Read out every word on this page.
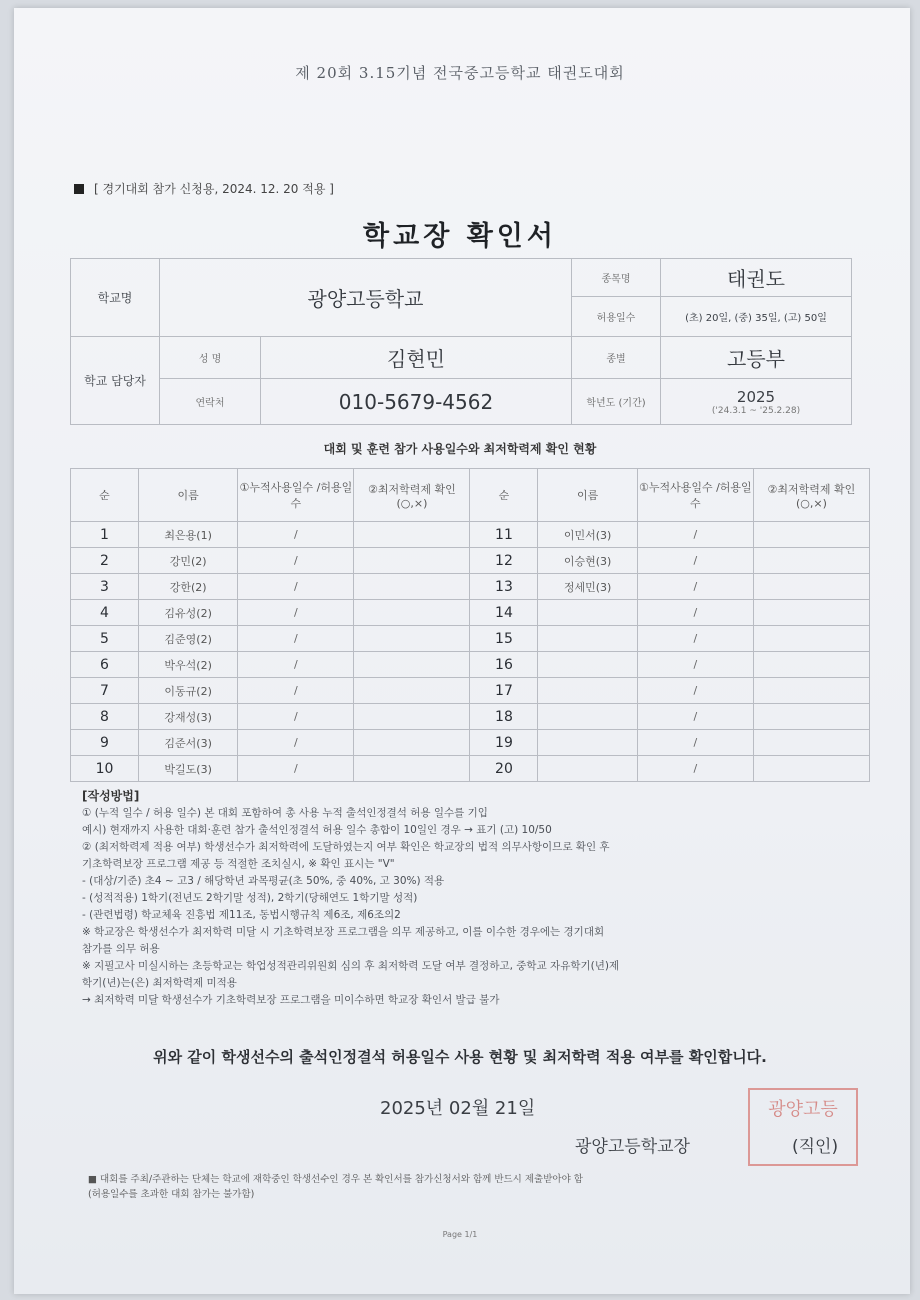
제 20회 3.15기념 전국중고등학교 태권도대회
[ 경기대회 참가 신청용, 2024. 12. 20 적용 ]
학교장 확인서
학교명	광양고등학교		종목명	태권도
			허용일수	(초) 20일, (중) 35일, (고) 50일
학교 담당자	성 명	김현민	종별	고등부
	연락처	010-5679-4562	학년도 (기간)	2025
('24.3.1 ~ '25.2.28)
대회 및 훈련 참가 사용일수와 최저학력제 확인 현황
순	이름	①누적사용일수 /허용일수	②최저학력제 확인(○,×)	순	이름	①누적사용일수 /허용일수	②최저학력제 확인(○,×)
1	최은용(1)	/		11	이민서(3)	/	
2	강민(2)	/		12	이승현(3)	/	
3	강한(2)	/		13	정세민(3)	/	
4	김유성(2)	/		14		/	
5	김준영(2)	/		15		/	
6	박우석(2)	/		16		/	
7	이동규(2)	/		17		/	
8	강재성(3)	/		18		/	
9	김준서(3)	/		19		/	
10	박길도(3)	/		20		/	
[작성방법]
① (누적 일수 / 허용 일수) 본 대회 포함하여 총 사용 누적 출석인정결석 허용 일수를 기입
예시) 현재까지 사용한 대회·훈련 참가 출석인정결석 허용 일수 총합이 10일인 경우 → 표기 (고) 10/50
② (최저학력제 적용 여부) 학생선수가 최저학력에 도달하였는지 여부 확인은 학교장의 법적 의무사항이므로 확인 후
기초학력보장 프로그램 제공 등 적절한 조치실시, ※ 확인 표시는 "V"
- (대상/기준) 초4 ~ 고3 / 해당학년 과목평균(초 50%, 중 40%, 고 30%) 적용
- (성적적용) 1학기(전년도 2학기말 성적), 2학기(당해연도 1학기말 성적)
- (관련법령) 학교체육 진흥법 제11조, 동법시행규칙 제6조, 제6조의2
※ 학교장은 학생선수가 최저학력 미달 시 기초학력보장 프로그램을 의무 제공하고, 이를 이수한 경우에는 경기대회
참가를 의무 허용
※ 지필고사 미실시하는 초등학교는 학업성적관리위원회 심의 후 최저학력 도달 여부 결정하고, 중학교 자유학기(년)제
학기(년)는(은) 최저학력제 미적용
→ 최저학력 미달 학생선수가 기초학력보장 프로그램을 미이수하면 학교장 확인서 발급 불가
위와 같이 학생선수의 출석인정결석 허용일수 사용 현황 및 최저학력 적용 여부를 확인합니다.
2025년 02월 21일
광양고등학교장
광양고등
(직인)
■ 대회를 주최/주관하는 단체는 학교에 재학중인 학생선수인 경우 본 확인서를 참가신청서와 함께 반드시 제출받아야 함
(허용일수를 초과한 대회 참가는 불가함)
Page 1/1
